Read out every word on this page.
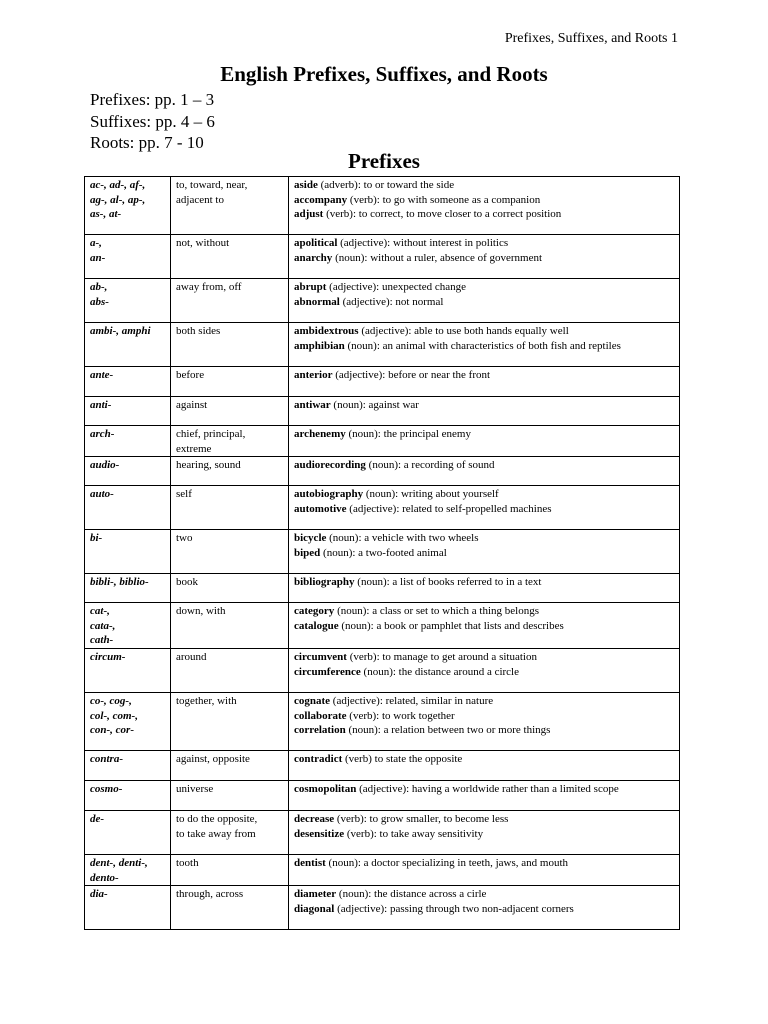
Prefixes, Suffixes, and Roots 1
English Prefixes, Suffixes, and Roots
Prefixes: pp. 1 – 3
Suffixes: pp. 4 – 6
Roots: pp. 7 - 10
Prefixes
ac-, ad-, af-,
ag-, al-, ap-,
as-, at-	to, toward, near,
adjacent to	aside (adverb): to or toward the side
accompany (verb): to go with someone as a companion
adjust (verb): to correct, to move closer to a correct position

a-,
an-	not, without	apolitical (adjective): without interest in politics
anarchy (noun): without a ruler, absence of government

ab-,
abs-	away from, off	abrupt (adjective): unexpected change
abnormal (adjective): not normal

ambi-, amphi	both sides	ambidextrous (adjective): able to use both hands equally well
amphibian (noun): an animal with characteristics of both fish and reptiles

ante-	before	anterior (adjective): before or near the front

anti-	against	antiwar (noun): against war

arch-	chief, principal,
extreme	archenemy (noun): the principal enemy

audio-	hearing, sound	audiorecording (noun): a recording of sound

auto-	self	autobiography (noun): writing about yourself
automotive (adjective): related to self-propelled machines

bi-	two	bicycle (noun): a vehicle with two wheels
biped (noun): a two-footed animal

bibli-, biblio-	book	bibliography (noun): a list of books referred to in a text

cat-,
cata-,
cath-	down, with	category (noun): a class or set to which a thing belongs
catalogue (noun): a book or pamphlet that lists and describes

circum-	around	circumvent (verb): to manage to get around a situation
circumference (noun): the distance around a circle

co-, cog-,
col-, com-,
con-, cor-	together, with	cognate (adjective): related, similar in nature
collaborate (verb): to work together
correlation (noun): a relation between two or more things

contra-	against, opposite	contradict (verb) to state the opposite

cosmo-	universe	cosmopolitan (adjective): having a worldwide rather than a limited scope

de-	to do the opposite,
to take away from	decrease (verb): to grow smaller, to become less
desensitize (verb): to take away sensitivity

dent-, denti-,
dento-	tooth	dentist (noun): a doctor specializing in teeth, jaws, and mouth

dia-	through, across	diameter (noun): the distance across a cirle
diagonal (adjective): passing through two non-adjacent corners
